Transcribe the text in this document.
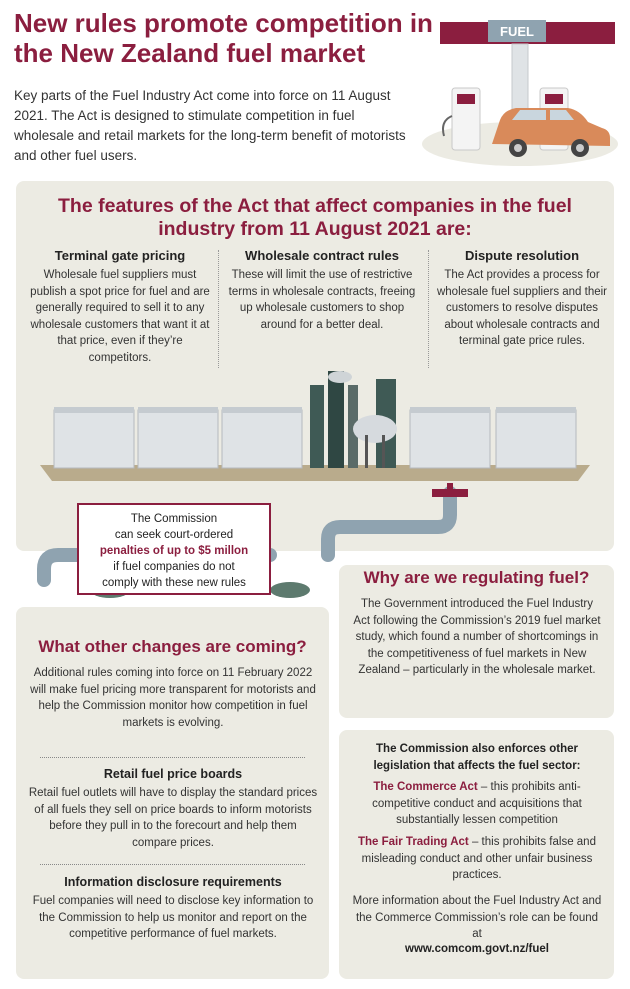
New rules promote competition in the New Zealand fuel market

Key parts of the Fuel Industry Act come into force on 11 August 2021. The Act is designed to stimulate competition in fuel wholesale and retail markets for the long-term benefit of motorists and other fuel users.

FUEL
The features of the Act that affect companies in the fuel industry from 11 August 2021 are:
Terminal gate pricing

Wholesale fuel suppliers must publish a spot price for fuel and are generally required to sell it to any wholesale customers that want it at that price, even if they’re competitors.

Wholesale contract rules

These will limit the use of restrictive terms in wholesale contracts, freeing up wholesale customers to shop around for a better deal.

Dispute resolution

The Act provides a process for wholesale fuel suppliers and their customers to resolve disputes about wholesale contracts and terminal gate price rules.

The Commission
can seek court-ordered
penalties of up to $5 millon
if fuel companies do not
comply with these new rules	Why are we regulating fuel?

The Government introduced the Fuel Industry Act following the Commission’s 2019 fuel market study, which found a number of shortcomings in the competitiveness of fuel markets in New Zealand – particularly in the wholesale market.

What other changes are coming?

Additional rules coming into force on 11 February 2022 will make fuel pricing more transparent for motorists and help the Commission monitor how competition in fuel markets is evolving.

Retail fuel price boards

Retail fuel outlets will have to display the standard prices of all fuels they sell on price boards to inform motorists before they pull in to the forecourt and help them compare prices.

Information disclosure requirements

Fuel companies will need to disclose key information to the Commission to help us monitor and report on the competitive performance of fuel markets.

The Commission also enforces other legislation that affects the fuel sector:

The Commerce Act – this prohibits anti-competitive conduct and acquisitions that substantially lessen competition

The Fair Trading Act – this prohibits false and misleading conduct and other unfair business practices.

More information about the Fuel Industry Act and the Commerce Commission’s role can be found at

www.comcom.govt.nz/fuel
